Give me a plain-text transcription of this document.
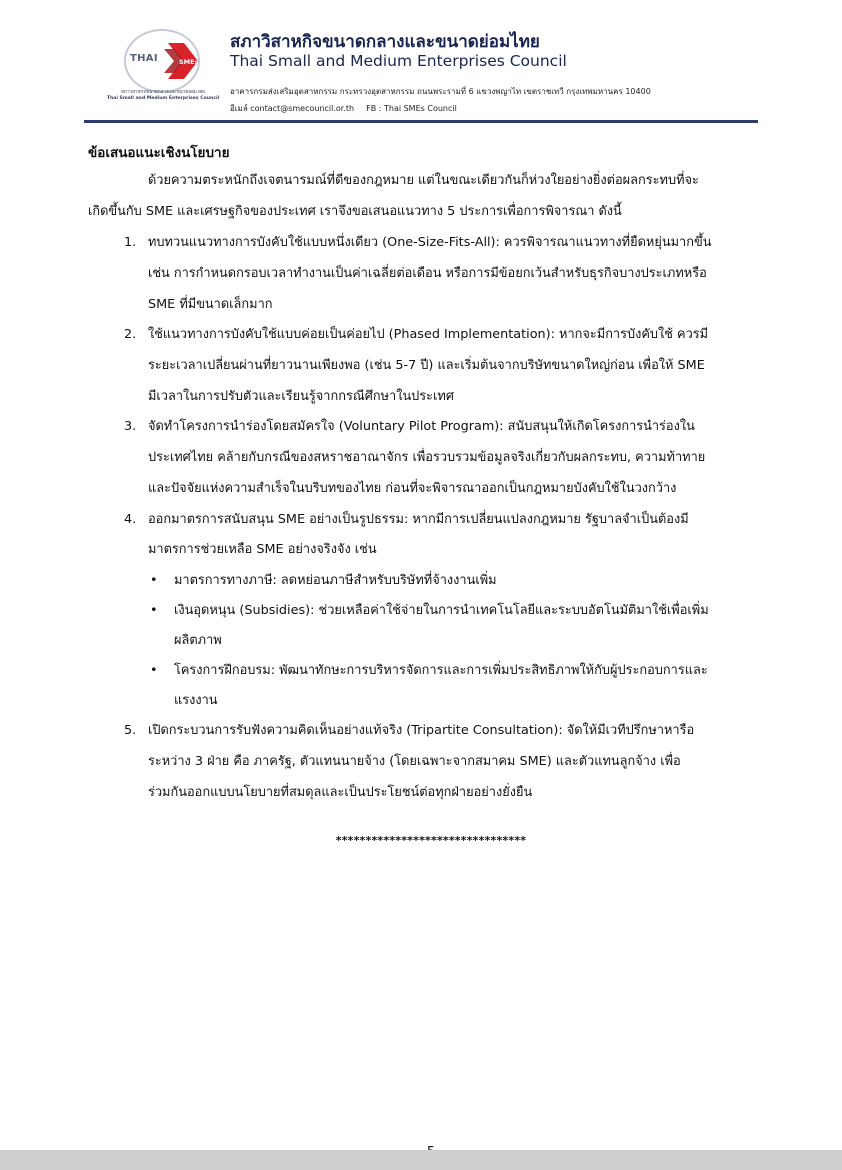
THAI	SMEs
สภาวิสาหกิจขนาดกลางและขนาดย่อมไทย
Thai Small and Medium Enterprises Council
สภาวิสาหกิจขนาดกลางและขนาดย่อมไทย
Thai Small and Medium Enterprises Council
อาคารกรมส่งเสริมอุตสาหกรรม กระทรวงอุตสาหกรรม ถนนพระรามที่ 6 แขวงพญาไท เขตราชเทวี กรุงเทพมหานคร 10400
อีเมล์ contact@smecouncil.or.th FB : Thai SMEs Council
ข้อเสนอแนะเชิงนโยบาย
ด้วยความตระหนักถึงเจตนารมณ์ที่ดีของกฎหมาย แต่ในขณะเดียวกันก็ห่วงใยอย่างยิ่งต่อผลกระทบที่จะ
เกิดขึ้นกับ SME และเศรษฐกิจของประเทศ เราจึงขอเสนอแนวทาง 5 ประการเพื่อการพิจารณา ดังนี้
1. ทบทวนแนวทางการบังคับใช้แบบหนึ่งเดียว (One-Size-Fits-All): ควรพิจารณาแนวทางที่ยืดหยุ่นมากขึ้น
เช่น การกำหนดกรอบเวลาทำงานเป็นค่าเฉลี่ยต่อเดือน หรือการมีข้อยกเว้นสำหรับธุรกิจบางประเภทหรือ
SME ที่มีขนาดเล็กมาก
2. ใช้แนวทางการบังคับใช้แบบค่อยเป็นค่อยไป (Phased Implementation): หากจะมีการบังคับใช้ ควรมี
ระยะเวลาเปลี่ยนผ่านที่ยาวนานเพียงพอ (เช่น 5-7 ปี) และเริ่มต้นจากบริษัทขนาดใหญ่ก่อน เพื่อให้ SME
มีเวลาในการปรับตัวและเรียนรู้จากกรณีศึกษาในประเทศ
3. จัดทำโครงการนำร่องโดยสมัครใจ (Voluntary Pilot Program): สนับสนุนให้เกิดโครงการนำร่องใน
ประเทศไทย คล้ายกับกรณีของสหราชอาณาจักร เพื่อรวบรวมข้อมูลจริงเกี่ยวกับผลกระทบ, ความท้าทาย
และปัจจัยแห่งความสำเร็จในบริบทของไทย ก่อนที่จะพิจารณาออกเป็นกฎหมายบังคับใช้ในวงกว้าง
4. ออกมาตรการสนับสนุน SME อย่างเป็นรูปธรรม: หากมีการเปลี่ยนแปลงกฎหมาย รัฐบาลจำเป็นต้องมี
มาตรการช่วยเหลือ SME อย่างจริงจัง เช่น
• มาตรการทางภาษี: ลดหย่อนภาษีสำหรับบริษัทที่จ้างงานเพิ่ม
• เงินอุดหนุน (Subsidies): ช่วยเหลือค่าใช้จ่ายในการนำเทคโนโลยีและระบบอัตโนมัติมาใช้เพื่อเพิ่ม
ผลิตภาพ
• โครงการฝึกอบรม: พัฒนาทักษะการบริหารจัดการและการเพิ่มประสิทธิภาพให้กับผู้ประกอบการและ
แรงงาน
5. เปิดกระบวนการรับฟังความคิดเห็นอย่างแท้จริง (Tripartite Consultation): จัดให้มีเวทีปรึกษาหารือ
ระหว่าง 3 ฝ่าย คือ ภาครัฐ, ตัวแทนนายจ้าง (โดยเฉพาะจากสมาคม SME) และตัวแทนลูกจ้าง เพื่อ
ร่วมกันออกแบบนโยบายที่สมดุลและเป็นประโยชน์ต่อทุกฝ่ายอย่างยั่งยืน
********************************
